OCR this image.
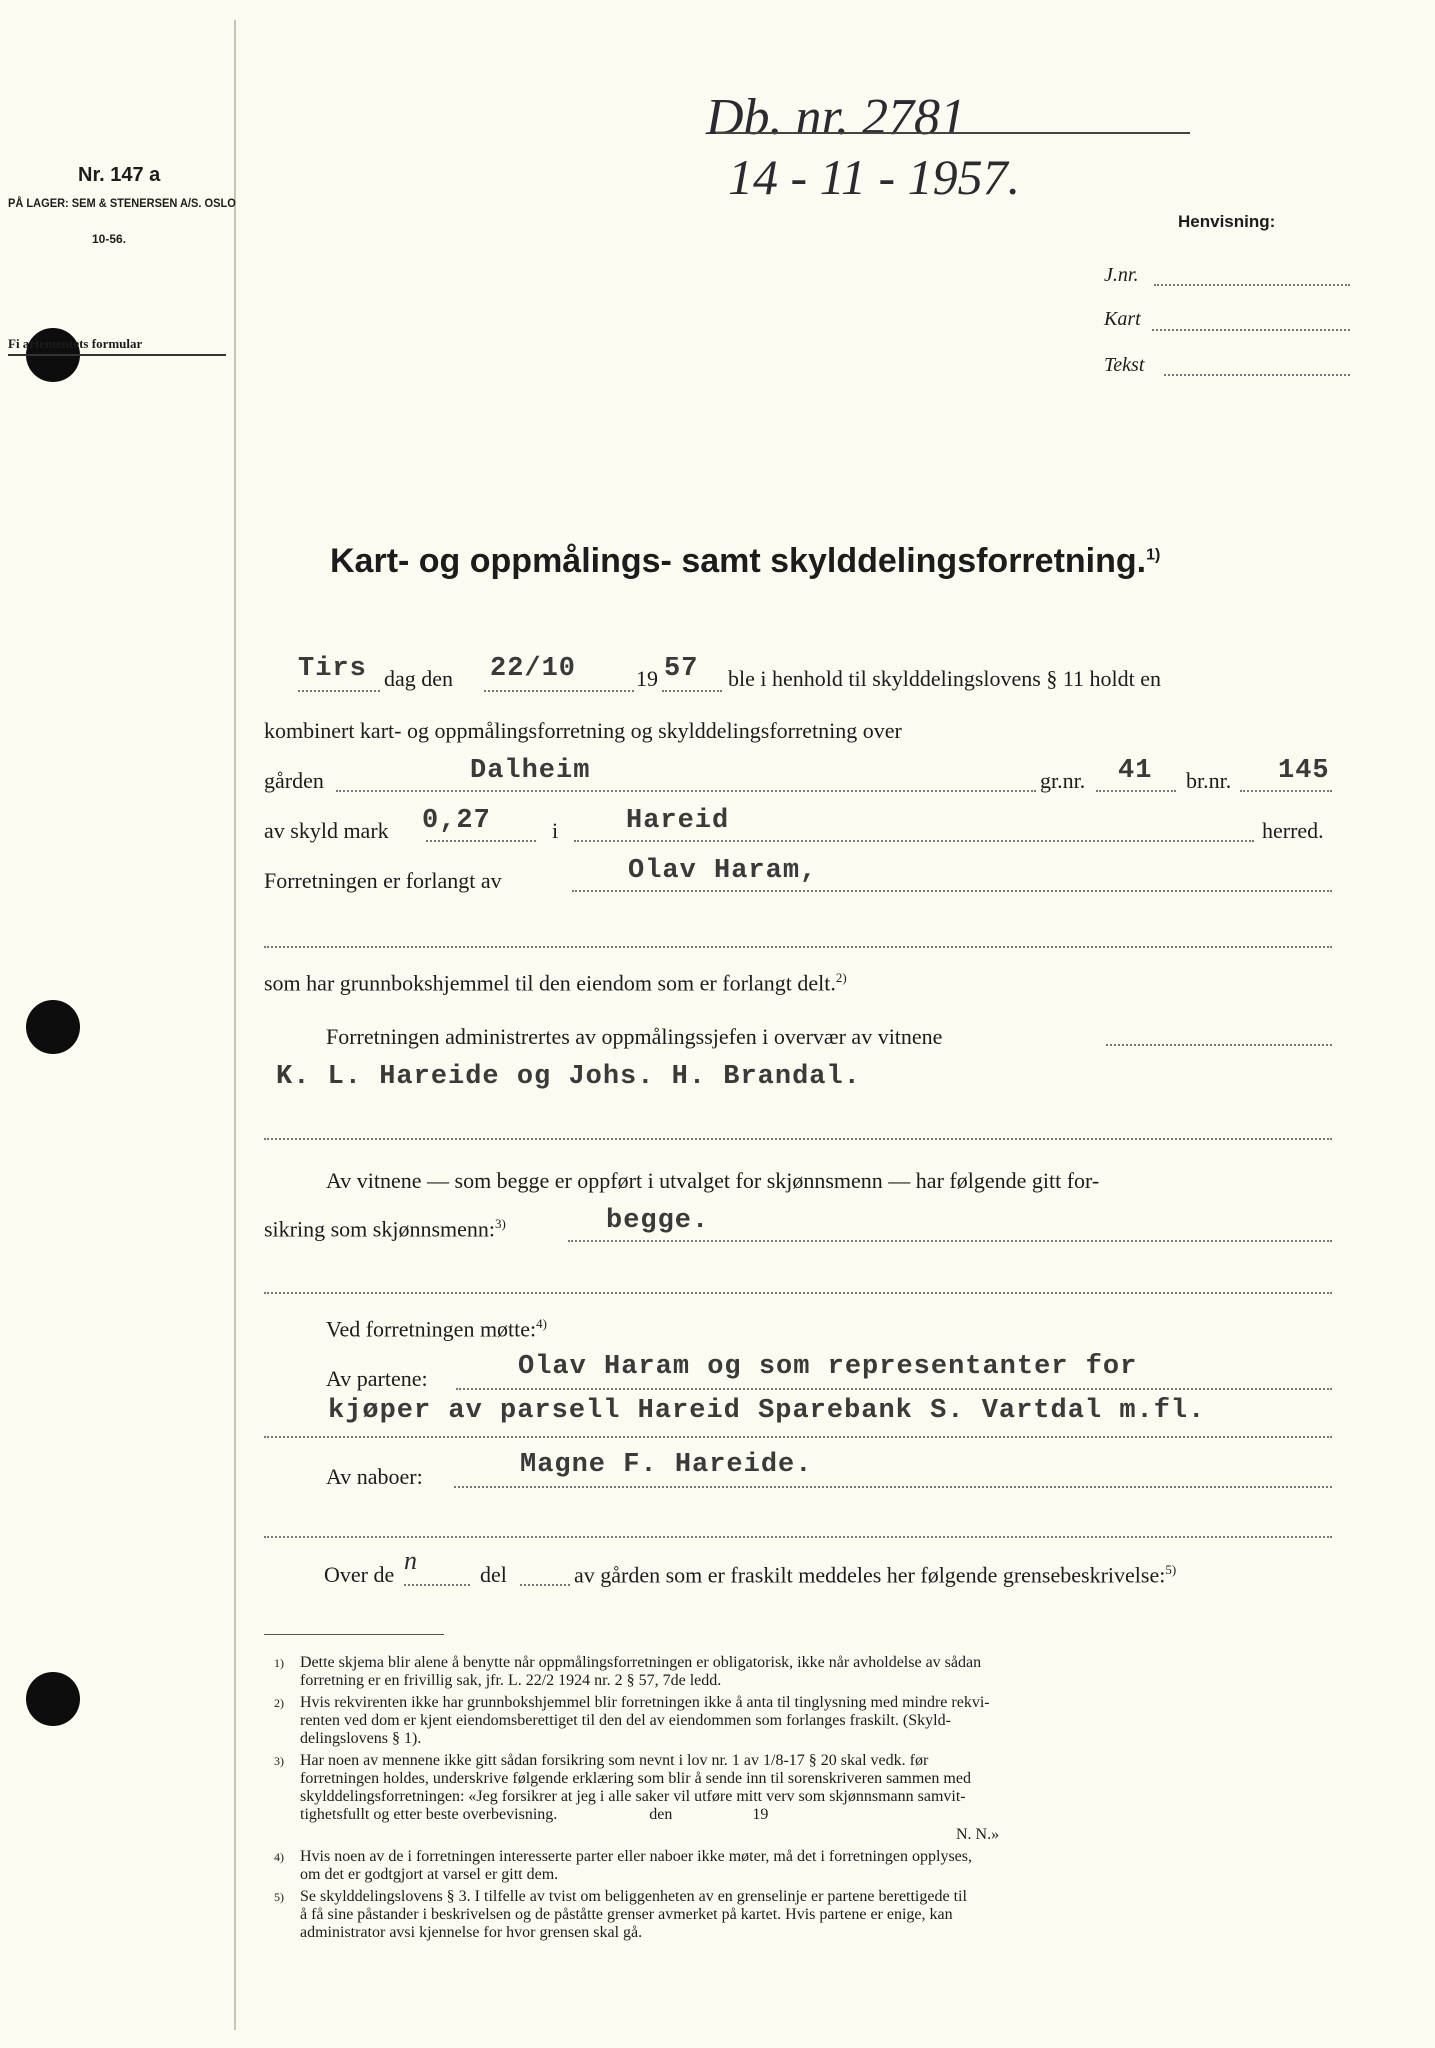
Nr. 147 a
PÅ LAGER: SEM & STENERSEN A/S. OSLO
10-56.
Fi artementets formular
Db. nr. 2781
14 - 11 - 1957.
Henvisning:
J.nr.
Kart
Tekst
Kart- og oppmålings- samt skylddelingsforretning.$^{1)}$
Tirs dag den 22/10	19 57 ble i henhold til skylddelingslovens § 11 holdt en
kombinert kart- og oppmålingsforretning og skylddelingsforretning over
gården	Dalheim	gr.nr. 41 br.nr. 145
av skyld mark 0,27	i	Hareid	herred.
Forretningen er forlangt av	Olav Haram,
som har grunnbokshjemmel til den eiendom som er forlangt delt.$^{2)}$
Forretningen administrertes av oppmålingssjefen i overvær av vitnene
K. L. Hareide og Johs. H. Brandal.
Av vitnene — som begge er oppført i utvalget for skjønnsmenn — har følgende gitt for-
sikring som skjønnsmenn:$^{3)}$	begge.
Ved forretningen møtte:$^{4)}$
Av partene:	Olav Haram og som representanter for
kjøper av parsell Hareid Sparebank S. Vartdal m.fl.
Av naboer:	Magne F. Hareide.
Over de n	del	av gården som er fraskilt meddeles her følgende grensebeskrivelse:$^{5)}$
1) Dette skjema blir alene å benytte når oppmålingsforretningen er obligatorisk, ikke når avholdelse av sådan
forretning er en frivillig sak, jfr. L. 22/2 1924 nr. 2 § 57, 7de ledd.
2) Hvis rekvirenten ikke har grunnbokshjemmel blir forretningen ikke å anta til tinglysning med mindre rekvi-
renten ved dom er kjent eiendomsberettiget til den del av eiendommen som forlanges fraskilt. (Skyld-
delingslovens § 1).
3) Har noen av mennene ikke gitt sådan forsikring som nevnt i lov nr. 1 av 1/8-17 § 20 skal vedk. før
forretningen holdes, underskrive følgende erklæring som blir å sende inn til sorenskriveren sammen med
skylddelingsforretningen: «Jeg forsikrer at jeg i alle saker vil utføre mitt verv som skjønnsmann samvit-
tighetsfullt og etter beste overbevisning.                       den                    19
N. N.»
4) Hvis noen av de i forretningen interesserte parter eller naboer ikke møter, må det i forretningen opplyses,
om det er godtgjort at varsel er gitt dem.
5) Se skylddelingslovens § 3. I tilfelle av tvist om beliggenheten av en grenselinje er partene berettigede til
å få sine påstander i beskrivelsen og de påståtte grenser avmerket på kartet. Hvis partene er enige, kan
administrator avsi kjennelse for hvor grensen skal gå.
